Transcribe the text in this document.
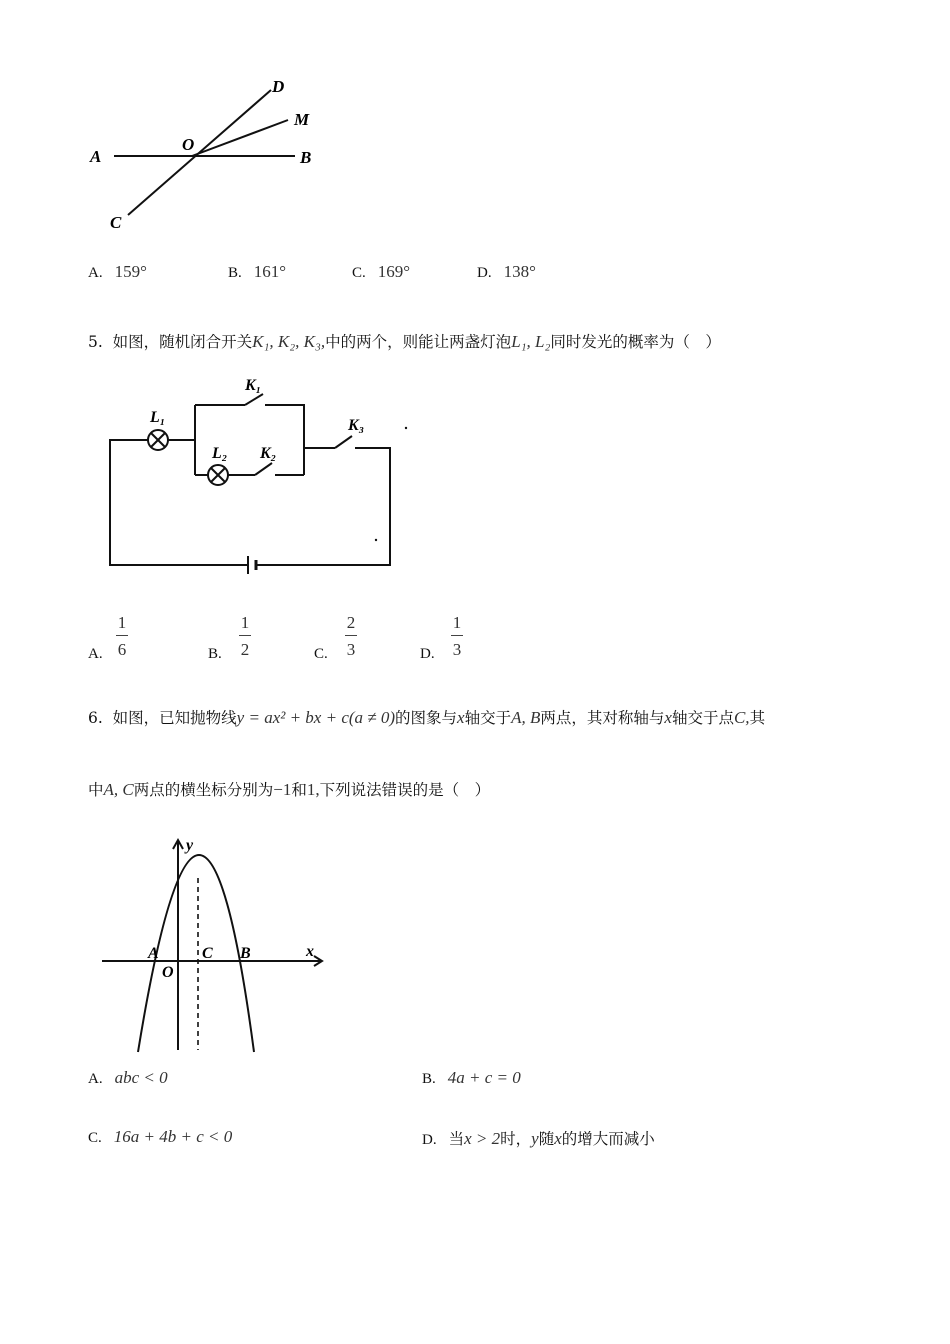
D
M
A
O
B
C
A. 159°	B. 161°	C. 169°	D. 138°
5. 如图，随机闭合开关K₁, K₂, K₃,中的两个，则能让两盏灯泡L₁, L₂同时发光的概率为（　）
K₁
L₁
L₂ K₂
K₃
A.
1
6	B.
1
2	C.
2
3	D.
1
3
6. 如图，已知抛物线y = ax² + bx + c(a ≠ 0)的图象与x轴交于A, B两点，其对称轴与x轴交于点C,其
中A, C两点的横坐标分别为−1和1,下列说法错误的是（　）
y
x
A
O
C B
A. abc < 0	B. 4a + c = 0
C. 16a + 4b + c < 0	D. 当x > 2时，y随x的增大而减小
